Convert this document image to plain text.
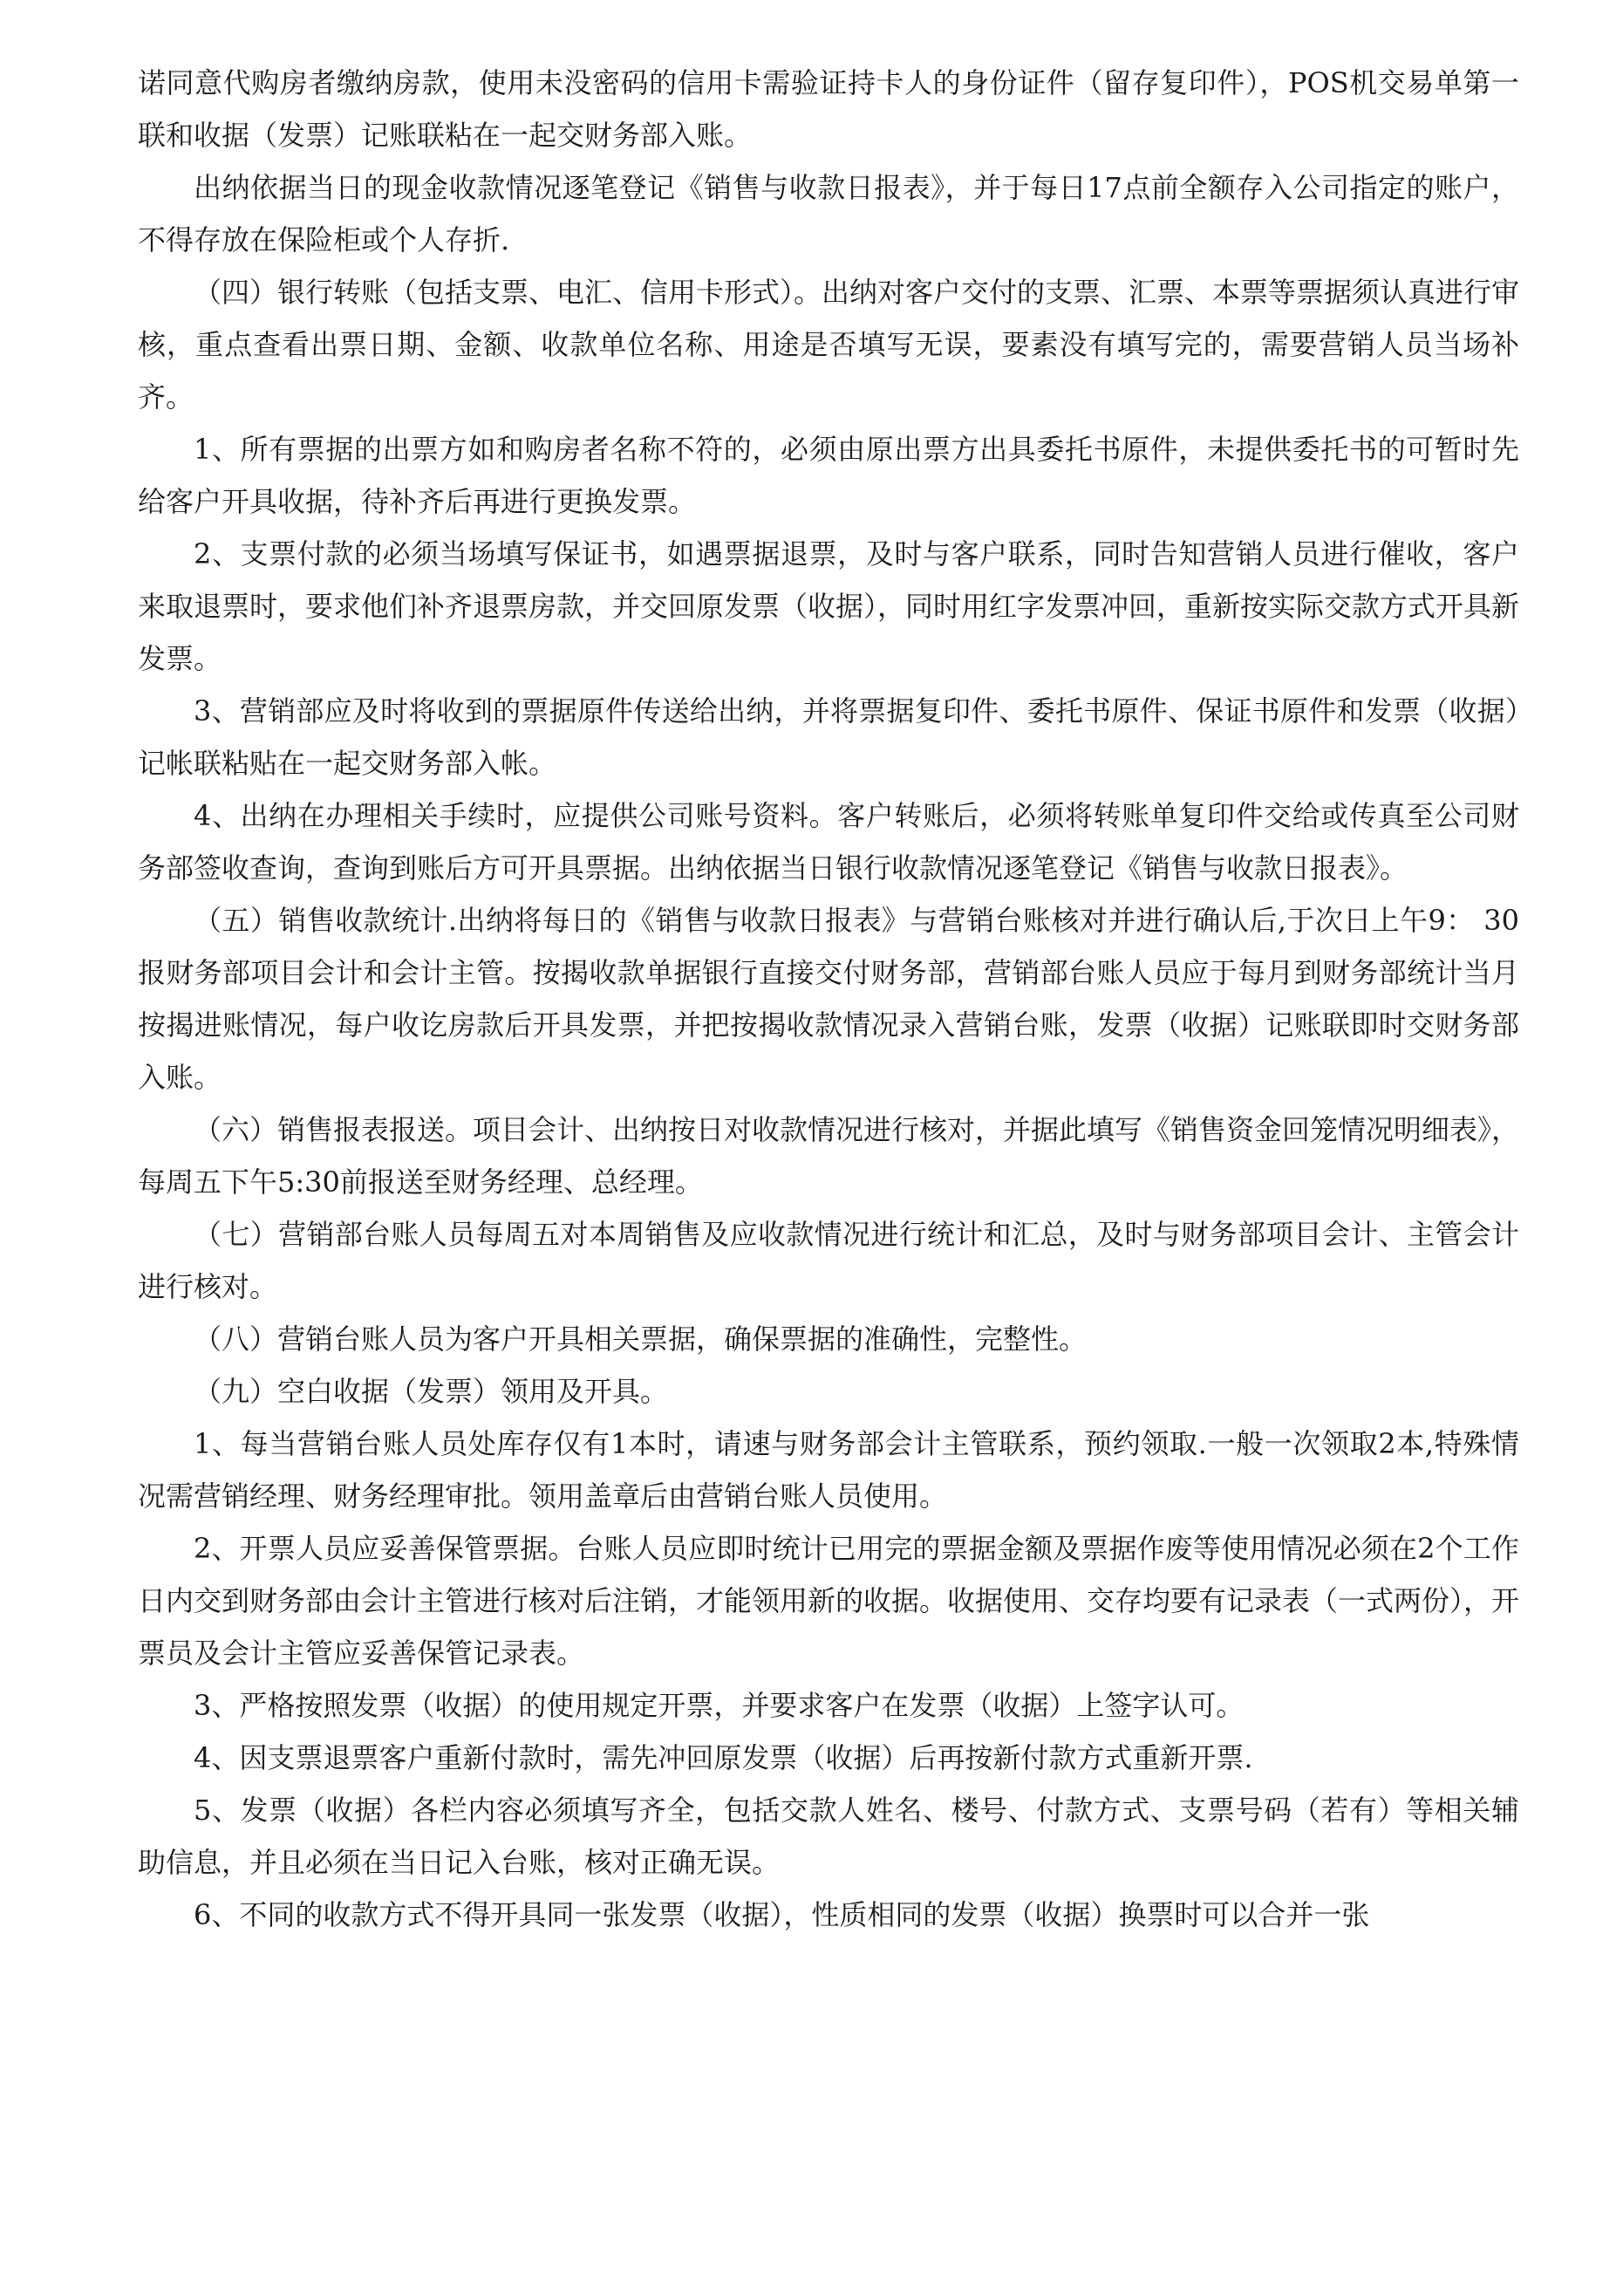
诺同意代购房者缴纳房款，使用未没密码的信用卡需验证持卡人的身份证件（留存复印件），POS机交易单第一联和收据（发票）记账联粘在一起交财务部入账。

出纳依据当日的现金收款情况逐笔登记《销售与收款日报表》，并于每日17点前全额存入公司指定的账户，不得存放在保险柜或个人存折.

（四）银行转账（包括支票、电汇、信用卡形式）。出纳对客户交付的支票、汇票、本票等票据须认真进行审核，重点查看出票日期、金额、收款单位名称、用途是否填写无误，要素没有填写完的，需要营销人员当场补齐。

1、所有票据的出票方如和购房者名称不符的，必须由原出票方出具委托书原件，未提供委托书的可暂时先给客户开具收据，待补齐后再进行更换发票。

2、支票付款的必须当场填写保证书，如遇票据退票，及时与客户联系，同时告知营销人员进行催收，客户来取退票时，要求他们补齐退票房款，并交回原发票（收据），同时用红字发票冲回，重新按实际交款方式开具新发票。

3、营销部应及时将收到的票据原件传送给出纳，并将票据复印件、委托书原件、保证书原件和发票（收据）记帐联粘贴在一起交财务部入帐。

4、出纳在办理相关手续时，应提供公司账号资料。客户转账后，必须将转账单复印件交给或传真至公司财务部签收查询，查询到账后方可开具票据。出纳依据当日银行收款情况逐笔登记《销售与收款日报表》。

（五）销售收款统计.出纳将每日的《销售与收款日报表》与营销台账核对并进行确认后,于次日上午9： 30报财务部项目会计和会计主管。按揭收款单据银行直接交付财务部，营销部台账人员应于每月到财务部统计当月按揭进账情况，每户收讫房款后开具发票，并把按揭收款情况录入营销台账，发票（收据）记账联即时交财务部入账。

（六）销售报表报送。项目会计、出纳按日对收款情况进行核对，并据此填写《销售资金回笼情况明细表》，每周五下午5:30前报送至财务经理、总经理。

（七）营销部台账人员每周五对本周销售及应收款情况进行统计和汇总，及时与财务部项目会计、主管会计进行核对。

（八）营销台账人员为客户开具相关票据，确保票据的准确性，完整性。

（九）空白收据（发票）领用及开具。

1、每当营销台账人员处库存仅有1本时，请速与财务部会计主管联系，预约领取.一般一次领取2本,特殊情况需营销经理、财务经理审批。领用盖章后由营销台账人员使用。

2、开票人员应妥善保管票据。台账人员应即时统计已用完的票据金额及票据作废等使用情况必须在2个工作日内交到财务部由会计主管进行核对后注销，才能领用新的收据。收据使用、交存均要有记录表（一式两份），开票员及会计主管应妥善保管记录表。

3、严格按照发票（收据）的使用规定开票，并要求客户在发票（收据）上签字认可。

4、因支票退票客户重新付款时，需先冲回原发票（收据）后再按新付款方式重新开票.

5、发票（收据）各栏内容必须填写齐全，包括交款人姓名、楼号、付款方式、支票号码（若有）等相关辅助信息，并且必须在当日记入台账，核对正确无误。

6、不同的收款方式不得开具同一张发票（收据），性质相同的发票（收据）换票时可以合并一张
